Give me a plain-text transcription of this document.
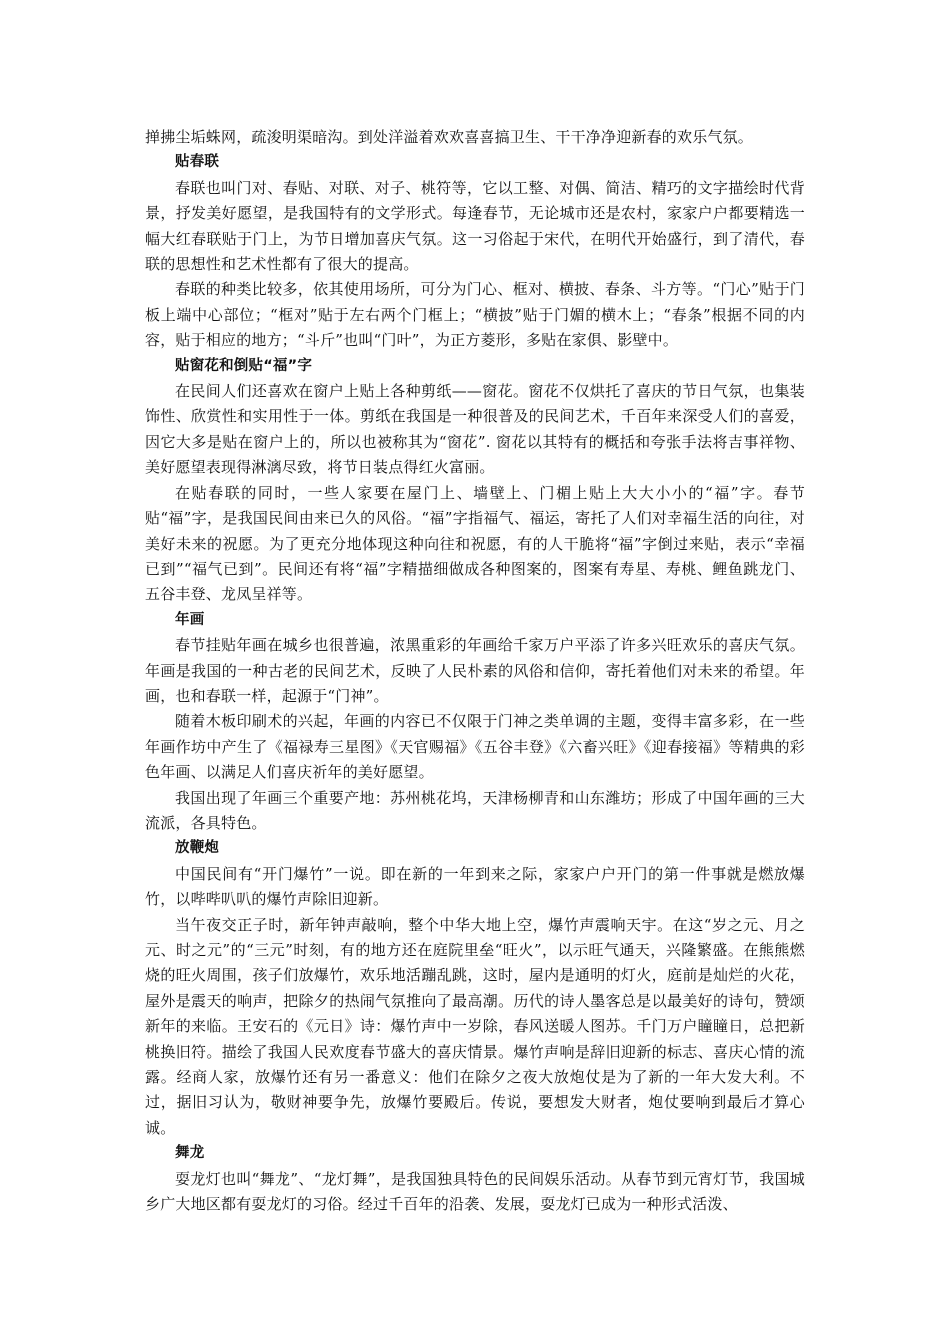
掸拂尘垢蛛网，疏浚明渠暗沟。到处洋溢着欢欢喜喜搞卫生、干干净净迎新春的欢乐气氛。

贴春联

春联也叫门对、春贴、对联、对子、桃符等，它以工整、对偶、简洁、精巧的文字描绘时代背景，抒发美好愿望，是我国特有的文学形式。每逢春节，无论城市还是农村，家家户户都要精选一幅大红春联贴于门上，为节日增加喜庆气氛。这一习俗起于宋代，在明代开始盛行，到了清代，春联的思想性和艺术性都有了很大的提高。

春联的种类比较多，依其使用场所，可分为门心、框对、横披、春条、斗方等。“门心”贴于门板上端中心部位；“框对”贴于左右两个门框上；“横披”贴于门媚的横木上；“春条”根据不同的内容，贴于相应的地方；“斗斤”也叫“门叶”，为正方菱形，多贴在家俱、影壁中。

贴窗花和倒贴“福”字

在民间人们还喜欢在窗户上贴上各种剪纸——窗花。窗花不仅烘托了喜庆的节日气氛，也集装饰性、欣赏性和实用性于一体。剪纸在我国是一种很普及的民间艺术，千百年来深受人们的喜爱，因它大多是贴在窗户上的，所以也被称其为“窗花”. 窗花以其特有的概括和夸张手法将吉事祥物、美好愿望表现得淋漓尽致，将节日装点得红火富丽。

在贴春联的同时，一些人家要在屋门上、墙壁上、门楣上贴上大大小小的“福”字。春节贴“福”字，是我国民间由来已久的风俗。“福”字指福气、福运，寄托了人们对幸福生活的向往，对美好未来的祝愿。为了更充分地体现这种向往和祝愿，有的人干脆将“福”字倒过来贴，表示“幸福已到”“福气已到”。民间还有将“福”字精描细做成各种图案的，图案有寿星、寿桃、鲤鱼跳龙门、五谷丰登、龙凤呈祥等。

年画

春节挂贴年画在城乡也很普遍，浓黑重彩的年画给千家万户平添了许多兴旺欢乐的喜庆气氛。年画是我国的一种古老的民间艺术，反映了人民朴素的风俗和信仰，寄托着他们对未来的希望。年画，也和春联一样，起源于“门神”。

随着木板印刷术的兴起，年画的内容已不仅限于门神之类单调的主题，变得丰富多彩，在一些年画作坊中产生了《福禄寿三星图》《天官赐福》《五谷丰登》《六畜兴旺》《迎春接福》等精典的彩色年画、以满足人们喜庆祈年的美好愿望。

我国出现了年画三个重要产地：苏州桃花坞，天津杨柳青和山东潍坊；形成了中国年画的三大流派，各具特色。

放鞭炮

中国民间有“开门爆竹”一说。即在新的一年到来之际，家家户户开门的第一件事就是燃放爆竹，以哔哔叭叭的爆竹声除旧迎新。

当午夜交正子时，新年钟声敲响，整个中华大地上空，爆竹声震响天宇。在这“岁之元、月之元、时之元”的“三元”时刻，有的地方还在庭院里垒“旺火”，以示旺气通天，兴隆繁盛。在熊熊燃烧的旺火周围，孩子们放爆竹，欢乐地活蹦乱跳，这时，屋内是通明的灯火，庭前是灿烂的火花，屋外是震天的响声，把除夕的热闹气氛推向了最高潮。历代的诗人墨客总是以最美好的诗句，赞颂新年的来临。王安石的《元日》诗：爆竹声中一岁除，春风送暖人图苏。千门万户瞳瞳日，总把新桃换旧符。描绘了我国人民欢度春节盛大的喜庆情景。爆竹声响是辞旧迎新的标志、喜庆心情的流露。经商人家，放爆竹还有另一番意义：他们在除夕之夜大放炮仗是为了新的一年大发大利。不过，据旧习认为，敬财神要争先，放爆竹要殿后。传说，要想发大财者，炮仗要响到最后才算心诚。

舞龙

耍龙灯也叫“舞龙”、“龙灯舞”，是我国独具特色的民间娱乐活动。从春节到元宵灯节，我国城乡广大地区都有耍龙灯的习俗。经过千百年的沿袭、发展，耍龙灯已成为一种形式活泼、
